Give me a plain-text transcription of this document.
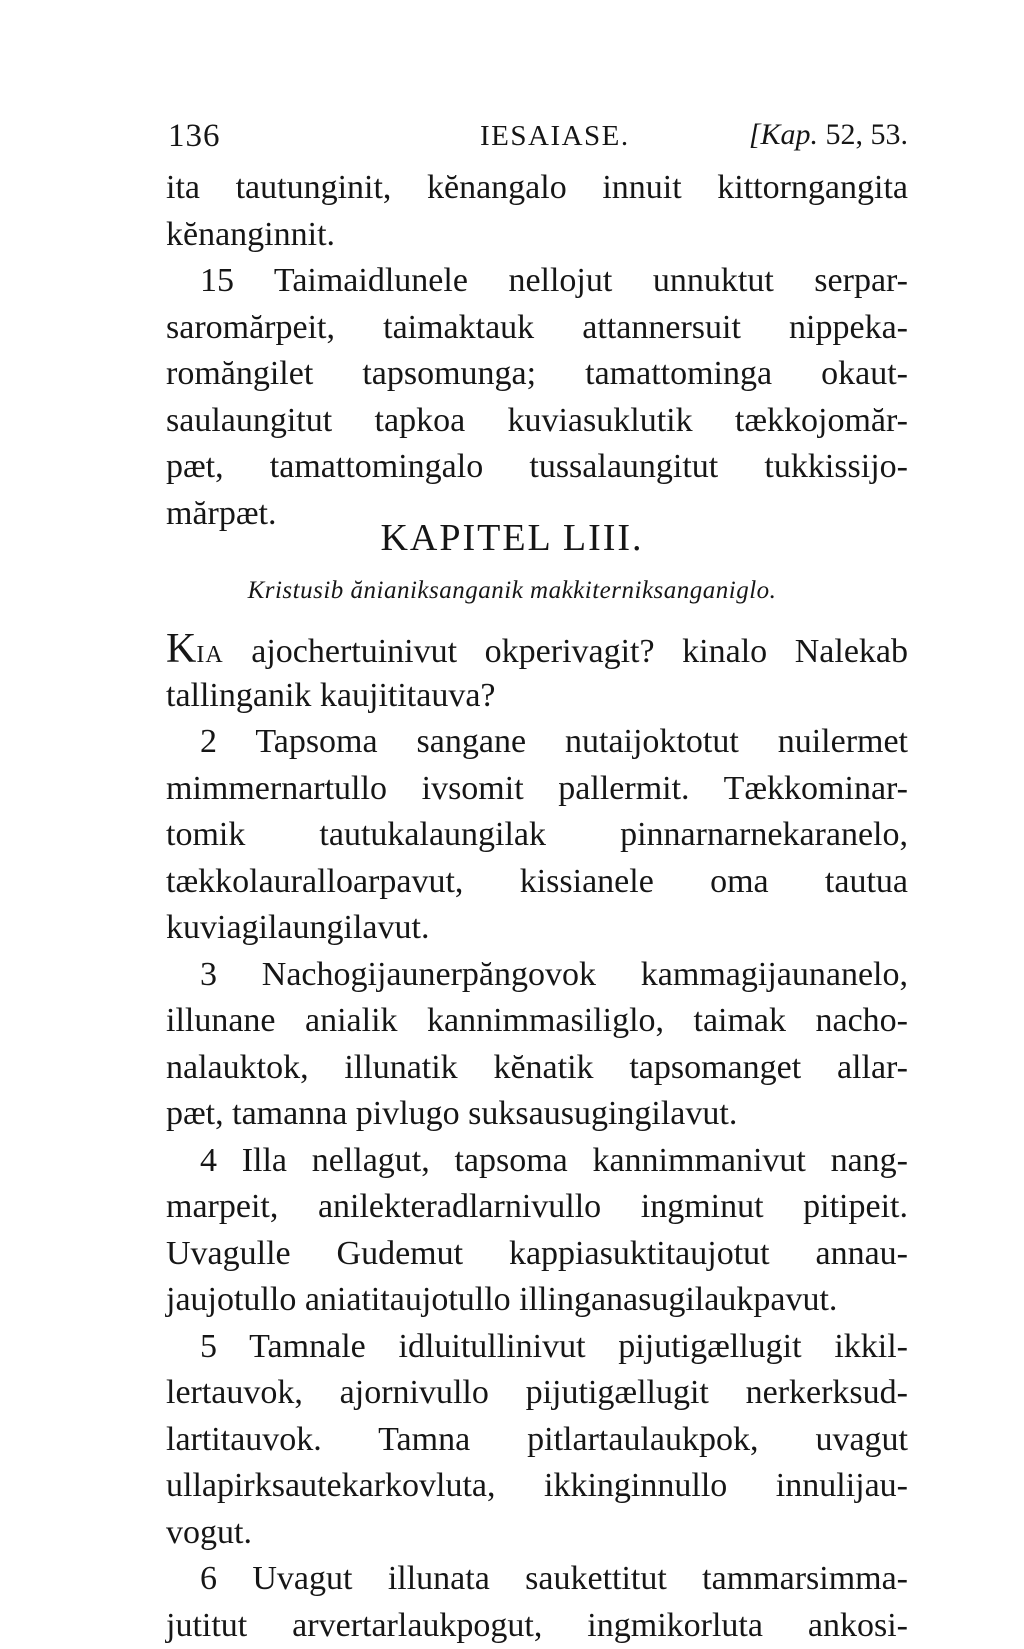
136	IESAIASE.	[Kap. 52, 53.
ita tautunginit, kĕnangalo innuit kittorngangita
kĕnanginnit.
15 Taimaidlunele nellojut unnuktut serpar-
saromărpeit, taimaktauk attannersuit nippeka-
romăngilet tapsomunga; tamattominga okaut-
saulaungitut tapkoa kuviasuklutik tækkojomăr-
pæt, tamattomingalo tussalaungitut tukkissijo-
mărpæt.
KAPITEL LIII.
Kristusib ănianiksanganik makkiterniksanganiglo.
KIA ajochertuinivut okperivagit? kinalo Nalekab
tallinganik kaujititauva?
2 Tapsoma sangane nutaijoktotut nuilermet
mimmernartullo ivsomit pallermit. Tækkominar-
tomik tautukalaungilak pinnarnarnekaranelo,
tækkolauralloarpavut, kissianele oma tautua
kuviagilaungilavut.
3 Nachogijaunerpăngovok kammagijaunanelo,
illunane anialik kannimmasiliglo, taimak nacho-
nalauktok, illunatik kĕnatik tapsomanget allar-
pæt, tamanna pivlugo suksausugingilavut.
4 Illa nellagut, tapsoma kannimmanivut nang-
marpeit, anilekteradlarnivullo ingminut pitipeit.
Uvagulle Gudemut kappiasuktitaujotut annau-
jaujotullo aniatitaujotullo illinganasugilaukpavut.
5 Tamnale idluitullinivut pijutigællugit ikkil-
lertauvok, ajornivullo pijutigællugit nerkerksud-
lartitauvok. Tamna pitlartaulaukpok, uvagut
ullapirksautekarkovluta, ikkinginnullo innulijau-
vogut.
6 Uvagut illunata saukettitut tammarsimma-
jutitut arvertarlaukpogut, ingmikorluta ankosi-
